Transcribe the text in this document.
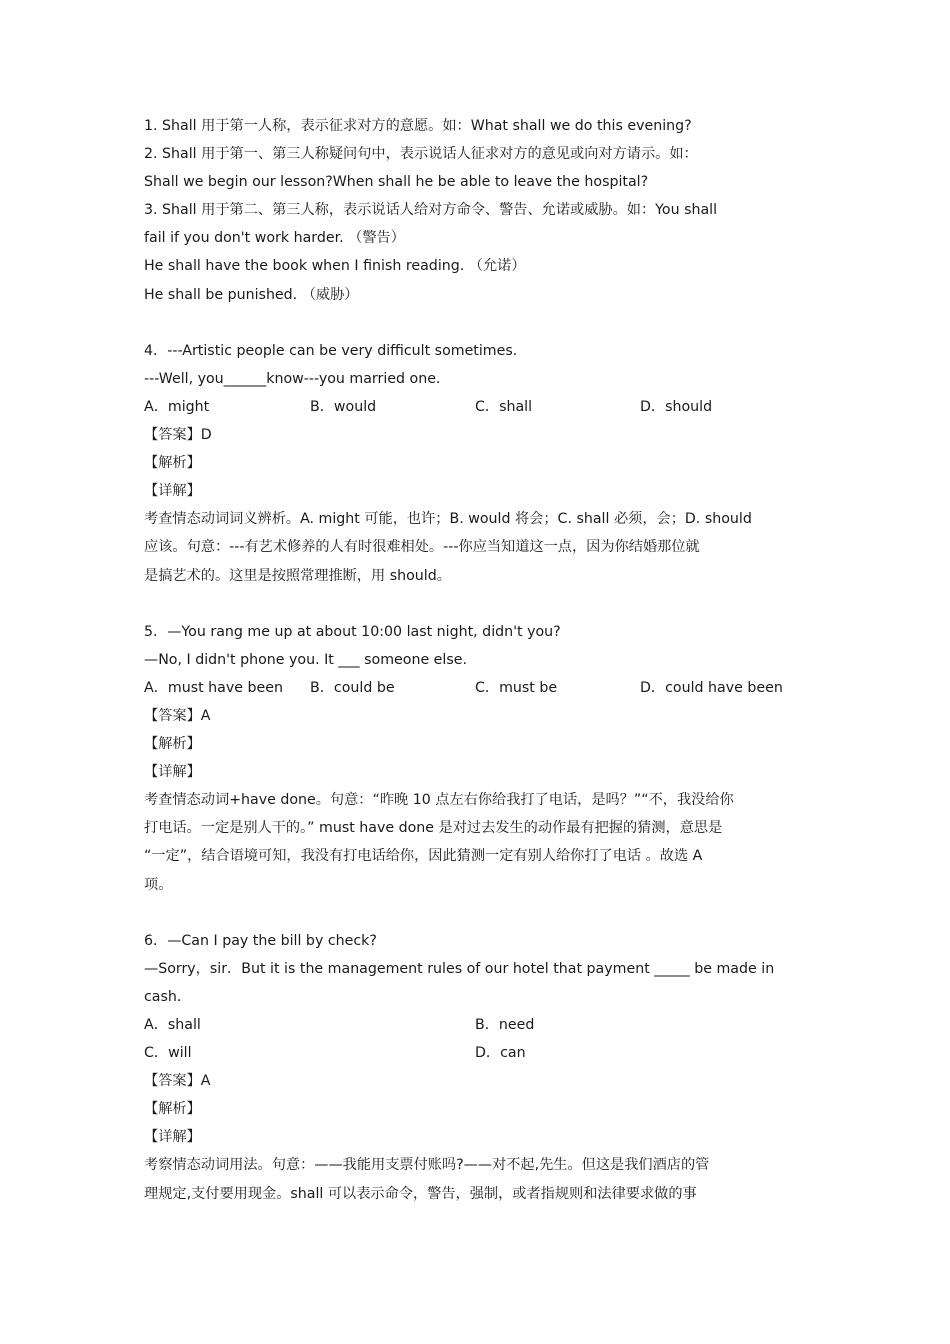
1. Shall 用于第一人称，表示征求对方的意愿。如：What shall we do this evening?
2. Shall 用于第一、第三人称疑问句中，表示说话人征求对方的意见或向对方请示。如：
Shall we begin our lesson?When shall he be able to leave the hospital?
3. Shall 用于第二、第三人称，表示说话人给对方命令、警告、允诺或威胁。如：You shall
fail if you don't work harder. （警告）
He shall have the book when I finish reading. （允诺）
He shall be punished. （威胁）
4．---Artistic people can be very difficult sometimes.
---Well, you______know---you married one.
A．might	B．would	C．shall	D．should
【答案】D
【解析】
【详解】
考查情态动词词义辨析。A. might 可能，也许；B. would 将会；C. shall 必须，会；D. should
应该。句意：---有艺术修养的人有时很难相处。---你应当知道这一点，因为你结婚那位就
是搞艺术的。这里是按照常理推断，用 should。
5．—You rang me up at about 10:00 last night, didn't you?
—No, I didn't phone you. It ___ someone else.
A．must have been B．could be	C．must be	D．could have been
【答案】A
【解析】
【详解】
考查情态动词+have done。句意：“昨晚 10 点左右你给我打了电话，是吗？”“不，我没给你
打电话。一定是别人干的。” must have done 是对过去发生的动作最有把握的猜测，意思是
“一定”，结合语境可知，我没有打电话给你，因此猜测一定有别人给你打了电话 。故选 A
项。
6．—Can I pay the bill by check?
—Sorry，sir．But it is the management rules of our hotel that payment _____ be made in
cash．
A．shall	B．need
C．will	D．can
【答案】A
【解析】
【详解】
考察情态动词用法。句意：——我能用支票付账吗?——对不起,先生。但这是我们酒店的管
理规定,支付要用现金。shall 可以表示命令，警告，强制，或者指规则和法律要求做的事
